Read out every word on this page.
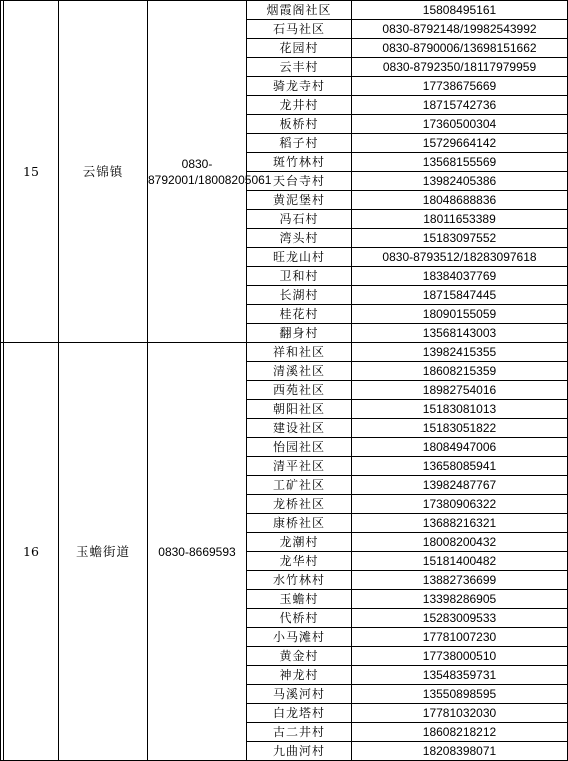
	15	云锦镇	0830-8792001/18008205061	烟霞阁社区	15808495161
				石马社区	0830-8792148/19982543992
				花园村	0830-8790006/13698151662
				云丰村	0830-8792350/18117979959
				骑龙寺村	17738675669
				龙井村	18715742736
				板桥村	17360500304
				稻子村	15729664142
				斑竹林村	13568155569
				天台寺村	13982405386
				黄泥堡村	18048688836
				冯石村	18011653389
				湾头村	15183097552
				旺龙山村	0830-8793512/18283097618
				卫和村	18384037769
				长湖村	18715847445
				桂花村	18090155059
				翻身村	13568143003
	16	玉蟾街道	0830-8669593	祥和社区	13982415355
				清溪社区	18608215359
				西苑社区	18982754016
				朝阳社区	15183081013
				建设社区	15183051822
				怡园社区	18084947006
				清平社区	13658085941
				工矿社区	13982487767
				龙桥社区	17380906322
				康桥社区	13688216321
				龙潮村	18008200432
				龙华村	15181400482
				水竹林村	13882736699
				玉蟾村	13398286905
				代桥村	15283009533
				小马滩村	17781007230
				黄金村	17738000510
				神龙村	13548359731
				马溪河村	13550898595
				白龙塔村	17781032030
				古二井村	18608218212
				九曲河村	18208398071
